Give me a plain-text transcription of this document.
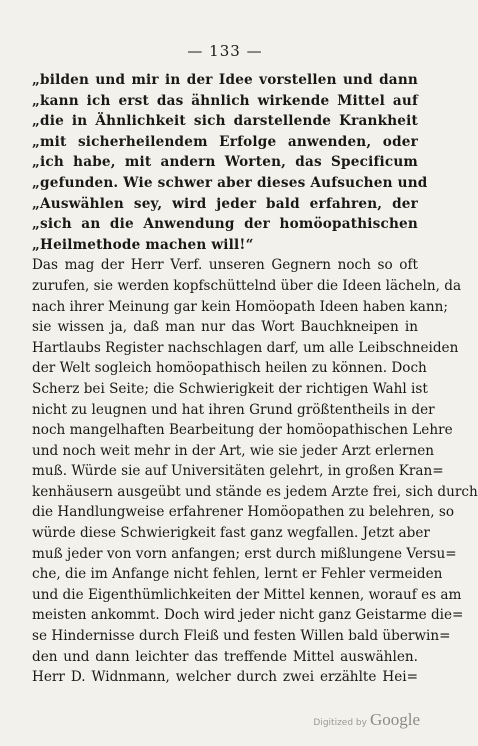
— 133 —
„bilden und mir in der Idee vorstellen und dann
„kann ich erst das ähnlich wirkende Mittel auf
„die in Ähnlichkeit sich darstellende Krankheit
„mit sicherheilendem Erfolge anwenden, oder
„ich habe, mit andern Worten, das Specificum
„gefunden. Wie schwer aber dieses Aufsuchen und
„Auswählen sey, wird jeder bald erfahren, der
„sich an die Anwendung der homöopathischen
„Heilmethode machen will!“
Das mag der Herr Verf. unseren Gegnern noch so oft
zurufen, sie werden kopfschüttelnd über die Ideen lächeln, da
nach ihrer Meinung gar kein Homöopath Ideen haben kann;
sie wissen ja, daß man nur das Wort Bauchkneipen in
Hartlaubs Register nachschlagen darf, um alle Leibschneiden
der Welt sogleich homöopathisch heilen zu können. Doch
Scherz bei Seite; die Schwierigkeit der richtigen Wahl ist
nicht zu leugnen und hat ihren Grund größtentheils in der
noch mangelhaften Bearbeitung der homöopathischen Lehre
und noch weit mehr in der Art, wie sie jeder Arzt erlernen
muß. Würde sie auf Universitäten gelehrt, in großen Kran=
kenhäusern ausgeübt und stände es jedem Arzte frei, sich durch
die Handlungweise erfahrener Homöopathen zu belehren, so
würde diese Schwierigkeit fast ganz wegfallen. Jetzt aber
muß jeder von vorn anfangen; erst durch mißlungene Versu=
che, die im Anfange nicht fehlen, lernt er Fehler vermeiden
und die Eigenthümlichkeiten der Mittel kennen, worauf es am
meisten ankommt. Doch wird jeder nicht ganz Geistarme die=
se Hindernisse durch Fleiß und festen Willen bald überwin=
den und dann leichter das treffende Mittel auswählen.
Herr D. Widnmann, welcher durch zwei erzählte Hei=
Digitized by Google
